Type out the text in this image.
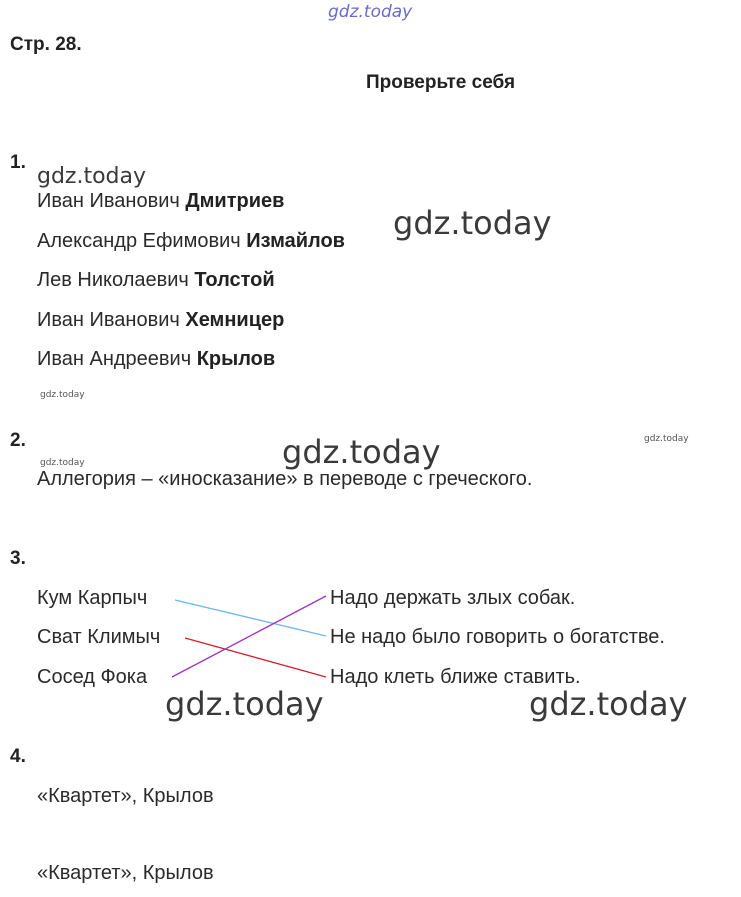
gdz.today
Стр. 28.
Проверьте себя
1.
gdz.today
Иван Иванович Дмитриев
gdz.today
Александр Ефимович Измайлов
Лев Николаевич Толстой
Иван Иванович Хемницер
Иван Андреевич Крылов
gdz.today
2.	gdz.today	gdz.today
gdz.today
Аллегория – «иносказание» в переводе с греческого.
3.
Кум Карпыч
Сват Климыч
Сосед Фока
Надо держать злых собак.
Не надо было говорить о богатстве.
Надо клеть ближе ставить.
gdz.today	gdz.today
4.
«Квартет», Крылов
«Квартет», Крылов
